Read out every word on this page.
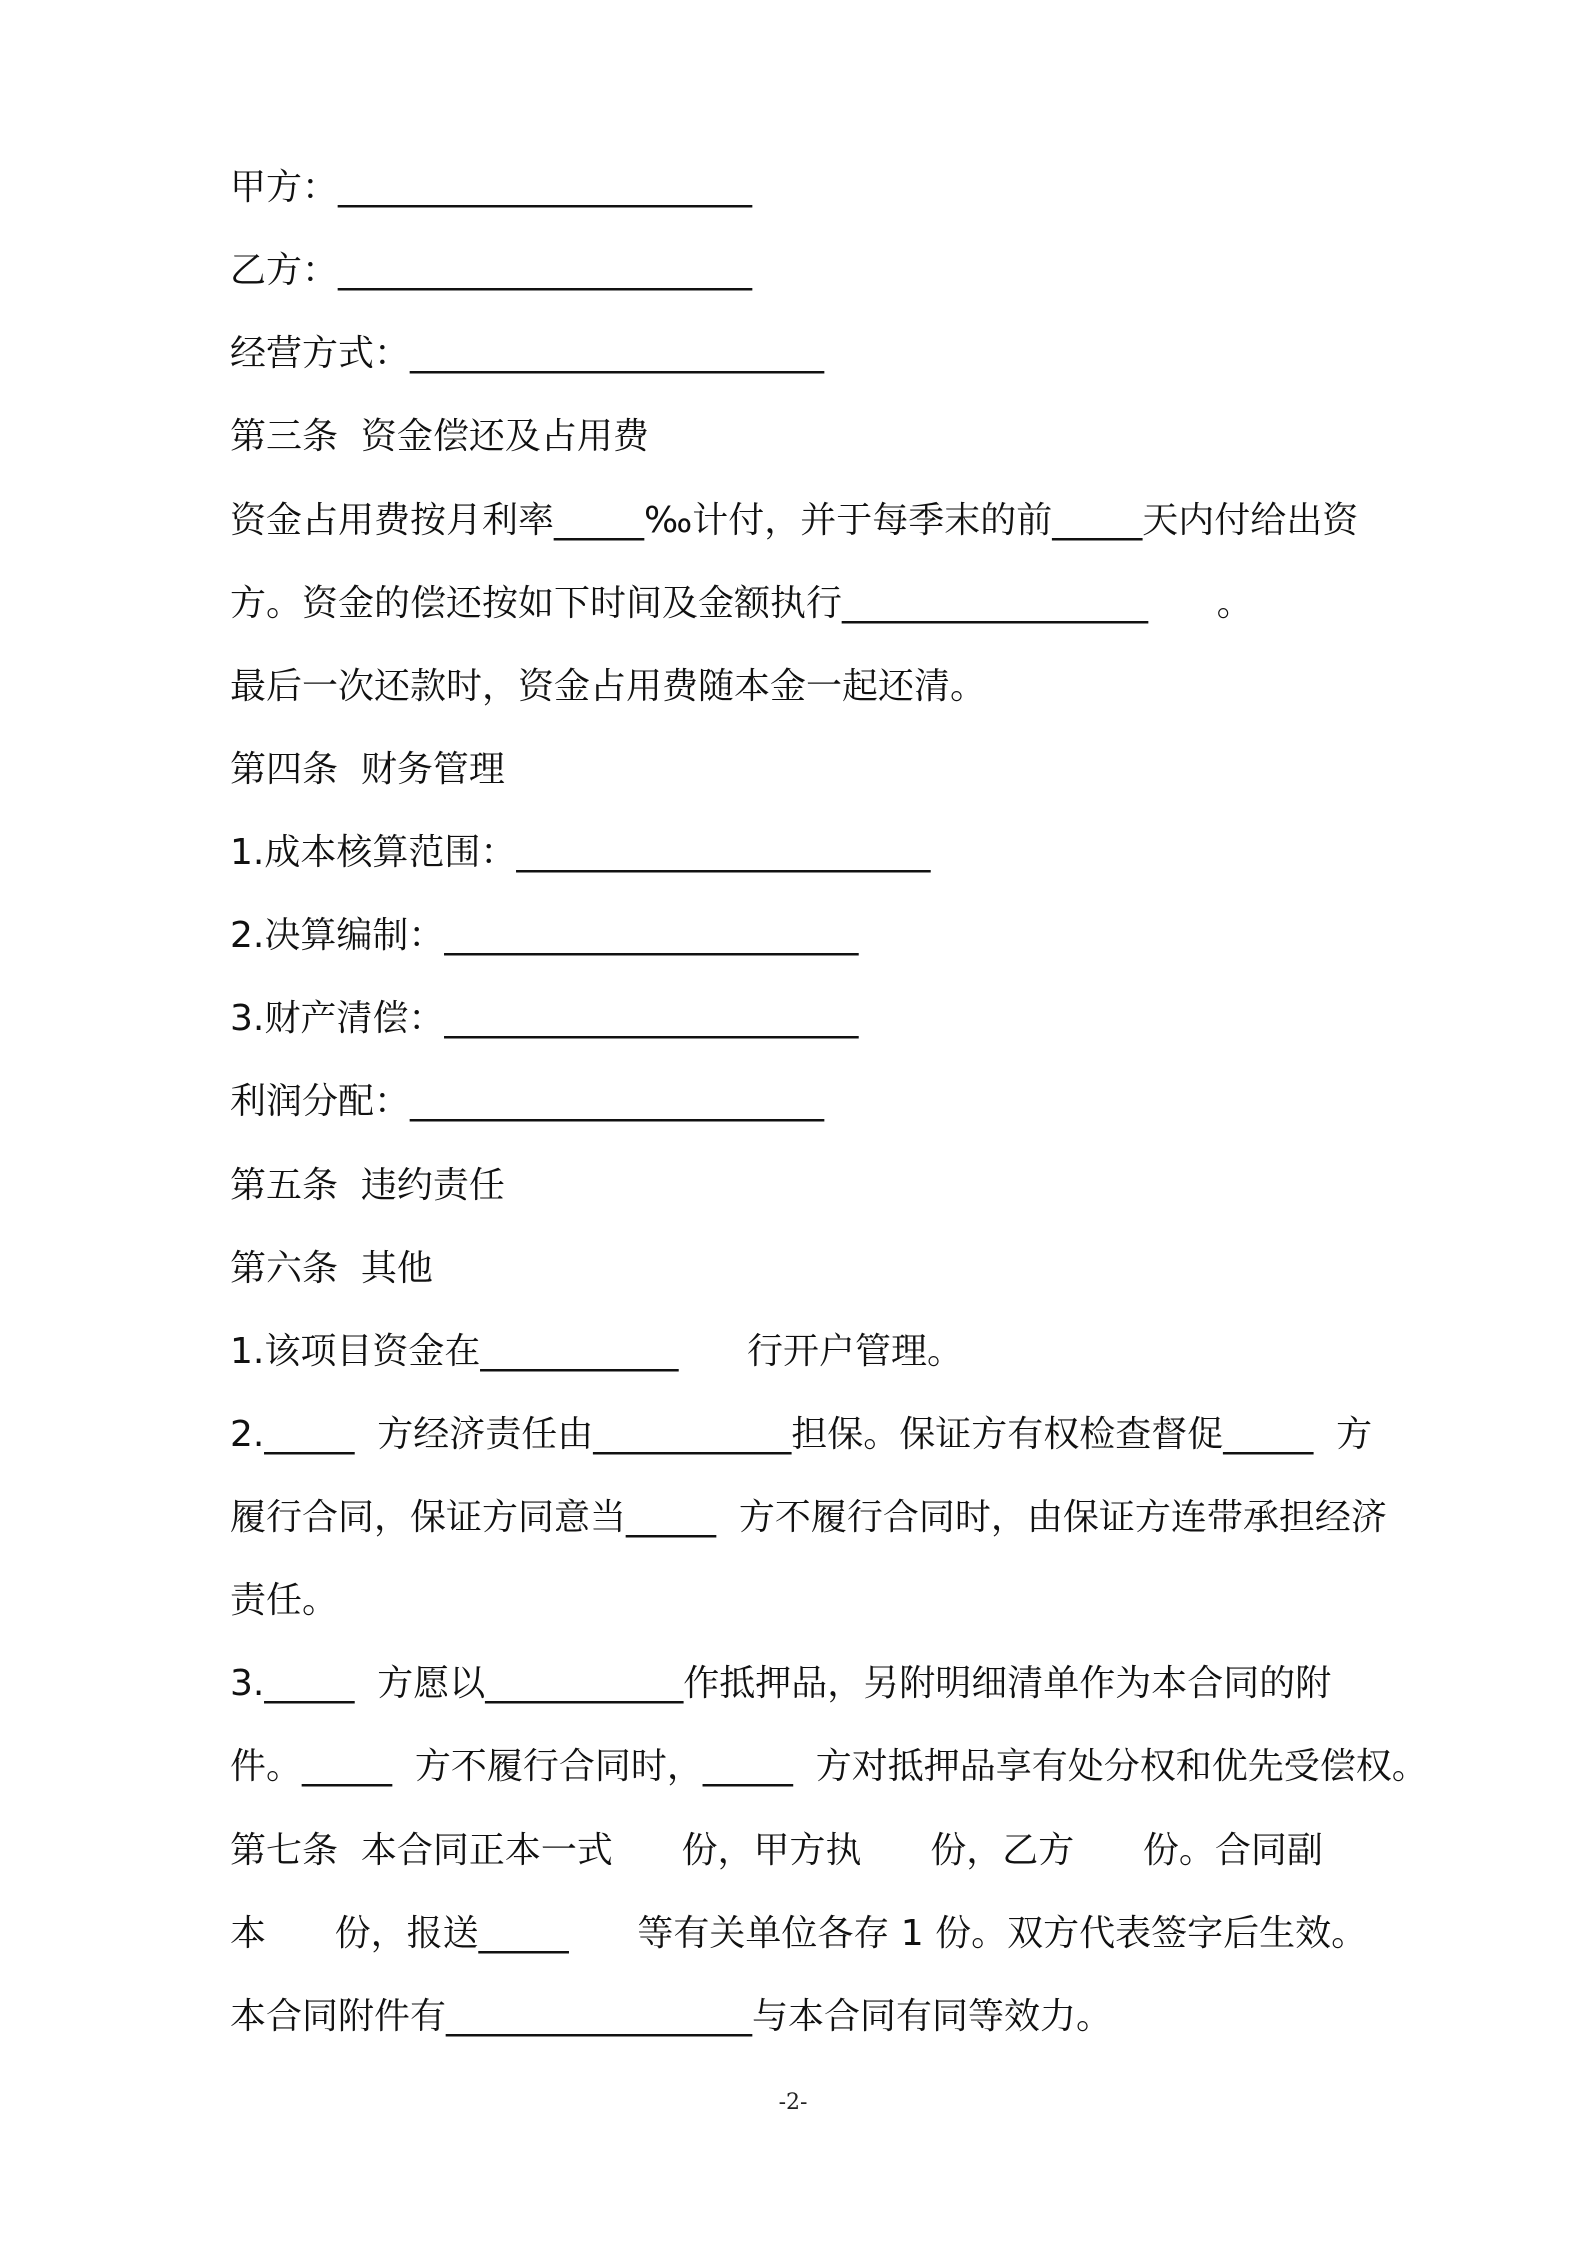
甲方：_______________________
乙方：_______________________
经营方式：_______________________
第三条  资金偿还及占用费
资金占用费按月利率_____‰计付，并于每季末的前_____天内付给出资
方。资金的偿还按如下时间及金额执行_________________      。
最后一次还款时，资金占用费随本金一起还清。
第四条  财务管理
1.成本核算范围：_______________________
2.决算编制：_______________________
3.财产清偿：_______________________
利润分配：_______________________
第五条  违约责任
第六条  其他
1.该项目资金在___________      行开户管理。
2._____  方经济责任由___________担保。保证方有权检查督促_____  方
履行合同，保证方同意当_____  方不履行合同时，由保证方连带承担经济
责任。
3._____  方愿以___________作抵押品，另附明细清单作为本合同的附
件。_____  方不履行合同时，_____  方对抵押品享有处分权和优先受偿权。
第七条  本合同正本一式      份，甲方执      份，乙方      份。合同副
本      份，报送_____      等有关单位各存 1 份。双方代表签字后生效。
本合同附件有_________________与本合同有同等效力。
-2-
